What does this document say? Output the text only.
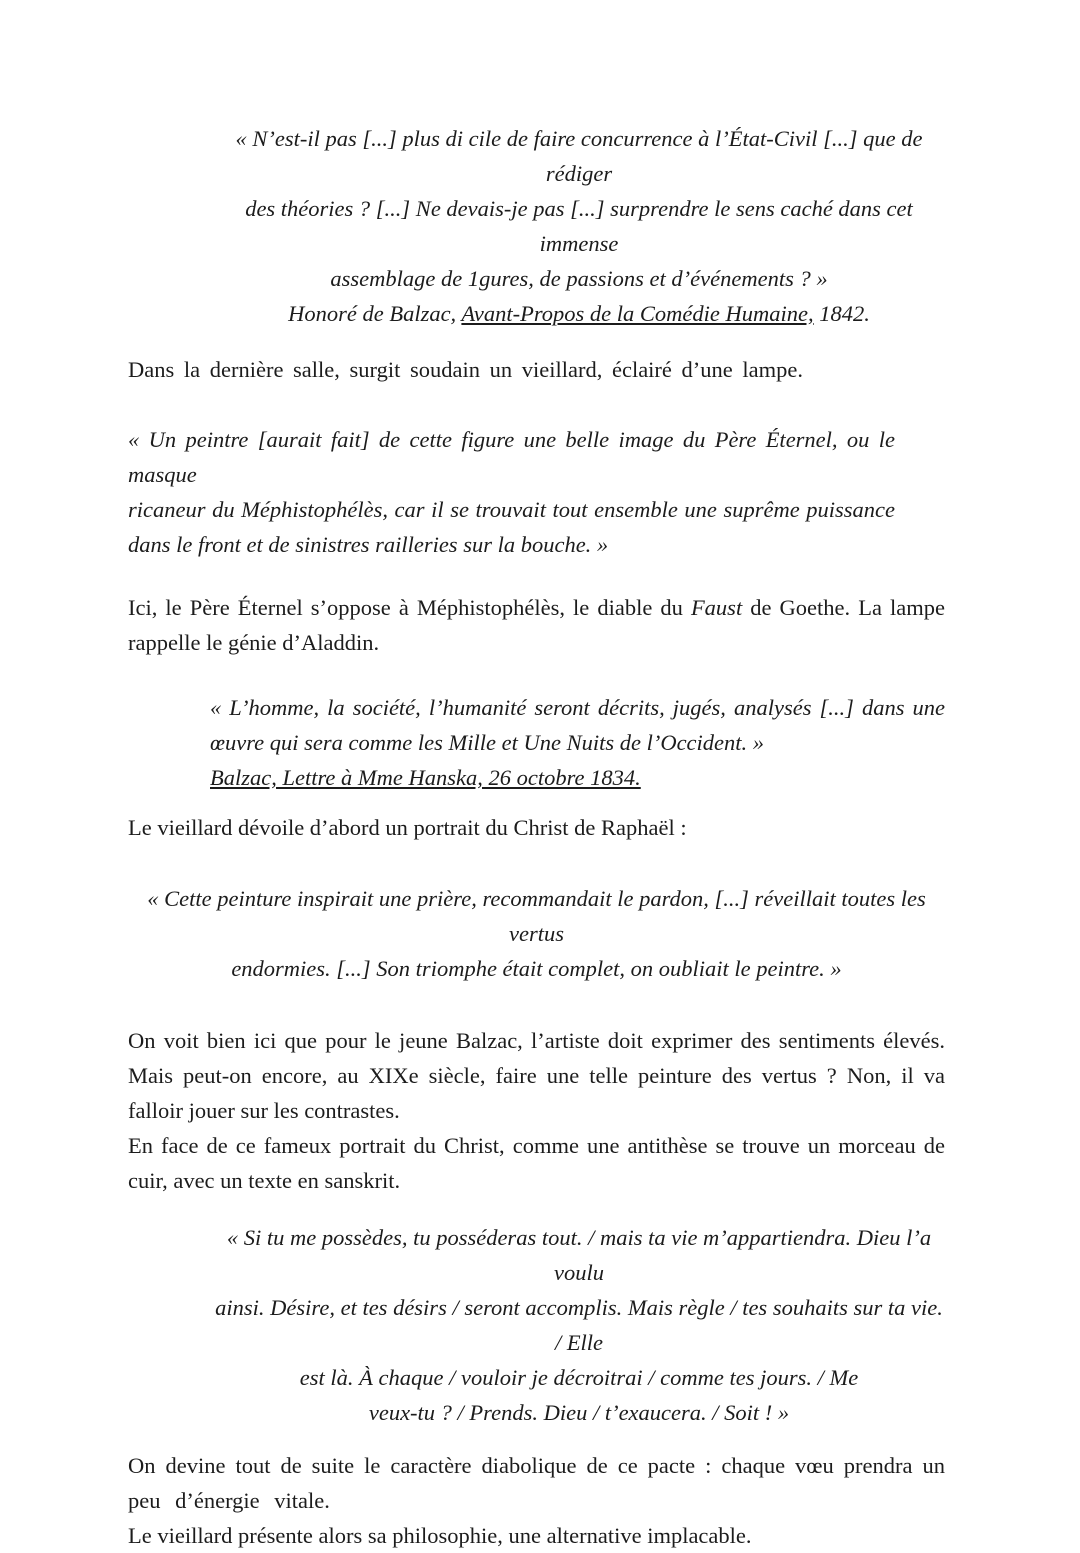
« N’est-il pas [...] plus di cile de faire concurrence à l’État-Civil [...] que de rédiger
des théories ? [...] Ne devais-je pas [...] surprendre le sens caché dans cet immense
assemblage de 1gures, de passions et d’événements ? »
Honoré de Balzac, Avant-Propos de la Comédie Humaine, 1842.
Dans la dernière salle, surgit soudain un vieillard, éclairé d’une lampe.
« Un peintre [aurait fait] de cette figure une belle image du Père Éternel, ou le masque
ricaneur du Méphistophélès, car il se trouvait tout ensemble une suprême puissance
dans le front et de sinistres railleries sur la bouche. »
Ici, le Père Éternel s’oppose à Méphistophélès, le diable du Faust de Goethe. La lampe
rappelle le génie d’Aladdin.
« L’homme, la société, l’humanité seront décrits, jugés, analysés [...] dans une
œuvre qui sera comme les Mille et Une Nuits de l’Occident. »
Balzac, Lettre à Mme Hanska, 26 octobre 1834.
Le vieillard dévoile d’abord un portrait du Christ de Raphaël :
« Cette peinture inspirait une prière, recommandait le pardon, [...] réveillait toutes les vertus
endormies. [...] Son triomphe était complet, on oubliait le peintre. »
On voit bien ici que pour le jeune Balzac, l’artiste doit exprimer des sentiments élevés.
Mais peut-on encore, au XIXe siècle, faire une telle peinture des vertus ? Non, il va
falloir jouer sur les contrastes.
En face de ce fameux portrait du Christ, comme une antithèse se trouve un morceau de
cuir, avec un texte en sanskrit.
« Si tu me possèdes, tu posséderas tout. / mais ta vie m’appartiendra. Dieu l’a voulu
ainsi. Désire, et tes désirs / seront accomplis. Mais règle / tes souhaits sur ta vie. / Elle
est là. À chaque / vouloir je décroitrai / comme tes jours. / Me
veux-tu ? / Prends. Dieu / t’exaucera. / Soit ! »
On devine tout de suite le caractère diabolique de ce pacte : chaque vœu prendra un
peu d’énergie vitale.
Le vieillard présente alors sa philosophie, une alternative implacable.
